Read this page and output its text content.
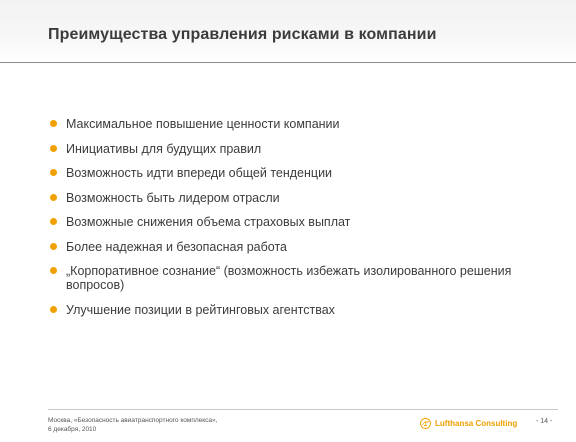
Преимущества управления рисками в компании
Максимальное повышение ценности компании
Инициативы для будущих правил
Возможность идти впереди общей тенденции
Возможность быть лидером отрасли
Возможные снижения объема страховых выплат
Более надежная и безопасная работа
„Корпоративное сознание“ (возможность избежать изолированного решения вопросов)
Улучшение позиции в рейтинговых агентствах
Москва, «Безопасность авиатранспортного комплекса»,
6 декабря, 2010
Lufthansa Consulting	- 14 -
